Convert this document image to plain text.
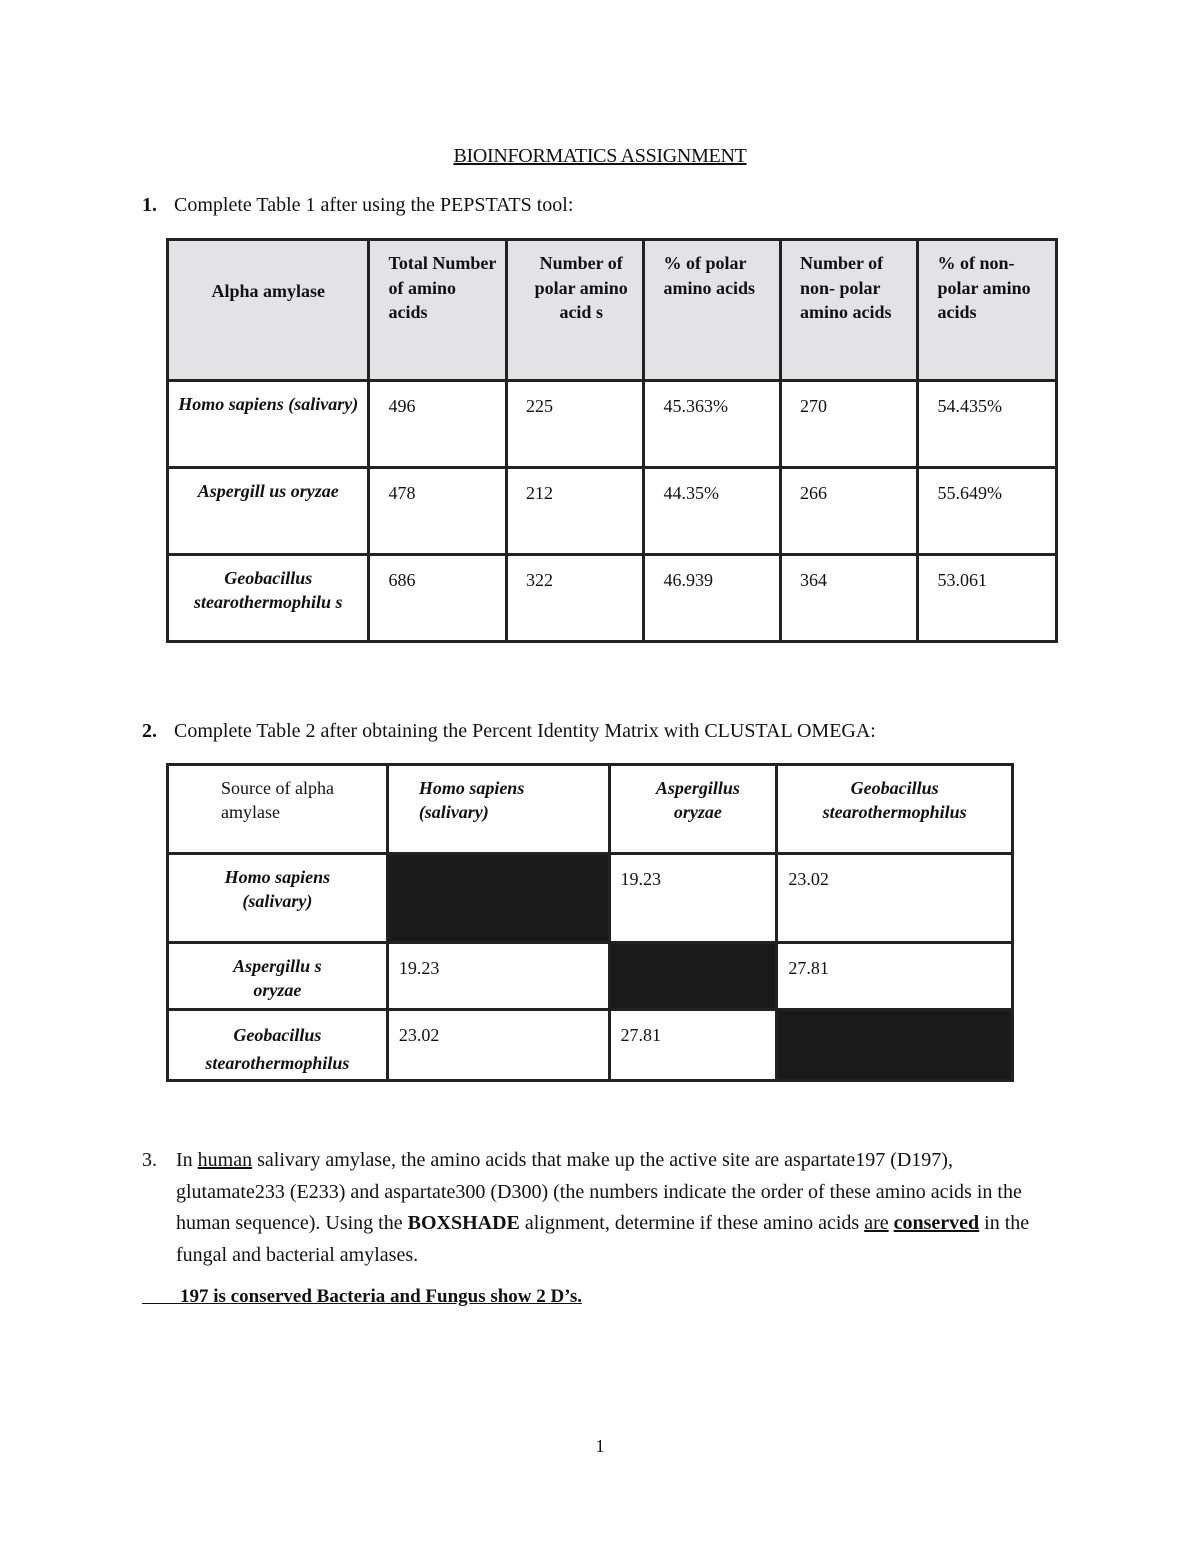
BIOINFORMATICS ASSIGNMENT
1. Complete Table 1 after using the PEPSTATS tool:
Alpha amylase	Total Number of amino acids	Number of polar amino acid s	% of polar amino acids	Number of non- polar amino acids	% of non- polar amino acids

Homo sapiens (salivary)	496	225	45.363%	270	54.435%

Aspergill us oryzae	478	212	44.35%	266	55.649%

Geobacillus stearothermophilu s	686	322	46.939	364	53.061
2. Complete Table 2 after obtaining the Percent Identity Matrix with CLUSTAL OMEGA:
Source of alpha amylase	Homo sapiens (salivary)	Aspergillus oryzae	Geobacillus stearothermophilus

Homo sapiens (salivary)		19.23	23.02

Aspergillu s oryzae	19.23		27.81

Geobacillus stearothermophilus	23.02	27.81	

3. In human salivary amylase, the amino acids that make up the active site are aspartate197 (D197), glutamate233 (E233) and aspartate300 (D300) (the numbers indicate the order of these amino acids in the human sequence). Using the BOXSHADE alignment, determine if these amino acids are conserved in the fungal and bacterial amylases.
197 is conserved Bacteria and Fungus show 2 D’s.
1
